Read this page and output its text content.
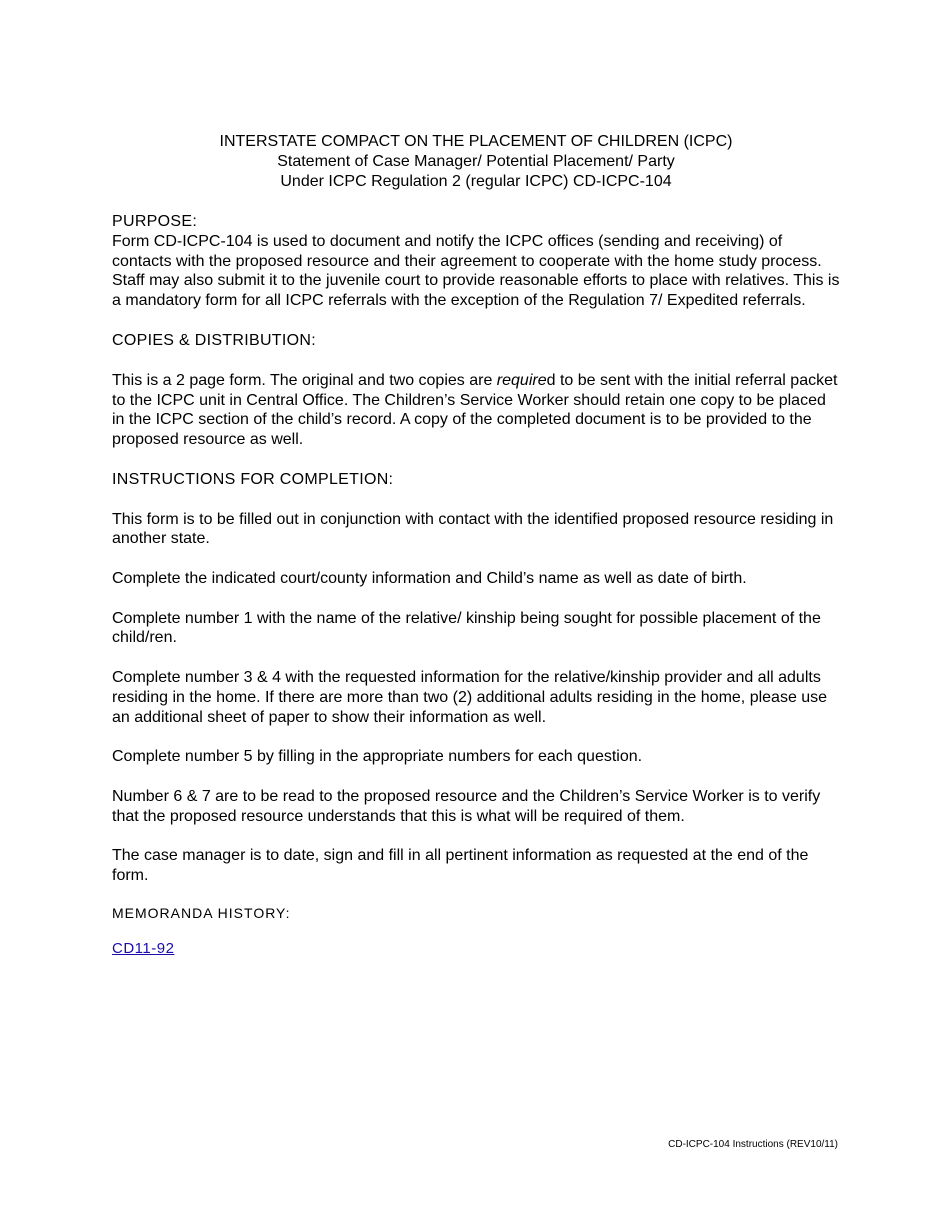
INTERSTATE COMPACT ON THE PLACEMENT OF CHILDREN (ICPC)
Statement of Case Manager/ Potential Placement/ Party
Under ICPC Regulation 2 (regular ICPC) CD-ICPC-104
PURPOSE:

Form CD-ICPC-104 is used to document and notify the ICPC offices (sending and receiving) of contacts with the proposed resource and their agreement to cooperate with the home study process. Staff may also submit it to the juvenile court to provide reasonable efforts to place with relatives. This is a mandatory form for all ICPC referrals with the exception of the Regulation 7/ Expedited referrals.

COPIES & DISTRIBUTION:

This is a 2 page form. The original and two copies are required to be sent with the initial referral packet to the ICPC unit in Central Office. The Children’s Service Worker should retain one copy to be placed in the ICPC section of the child’s record. A copy of the completed document is to be provided to the proposed resource as well.

INSTRUCTIONS FOR COMPLETION:

This form is to be filled out in conjunction with contact with the identified proposed resource residing in another state.

Complete the indicated court/county information and Child’s name as well as date of birth.

Complete number 1 with the name of the relative/ kinship being sought for possible placement of the child/ren.

Complete number 3 & 4 with the requested information for the relative/kinship provider and all adults residing in the home. If there are more than two (2) additional adults residing in the home, please use an additional sheet of paper to show their information as well.

Complete number 5 by filling in the appropriate numbers for each question.

Number 6 & 7 are to be read to the proposed resource and the Children’s Service Worker is to verify that the proposed resource understands that this is what will be required of them.

The case manager is to date, sign and fill in all pertinent information as requested at the end of the form.

MEMORANDA HISTORY:
CD11-92
CD-ICPC-104 Instructions (REV10/11)
